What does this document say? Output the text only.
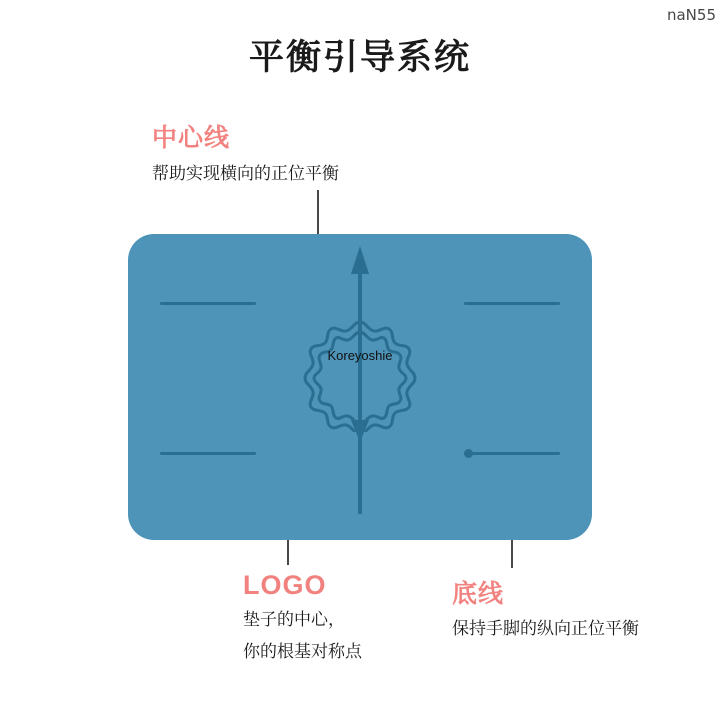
naN55
平衡引导系统
Koreyoshie
中心线
帮助实现横向的正位平衡
LOGO
垫子的中心，
你的根基对称点
底线
保持手脚的纵向正位平衡
